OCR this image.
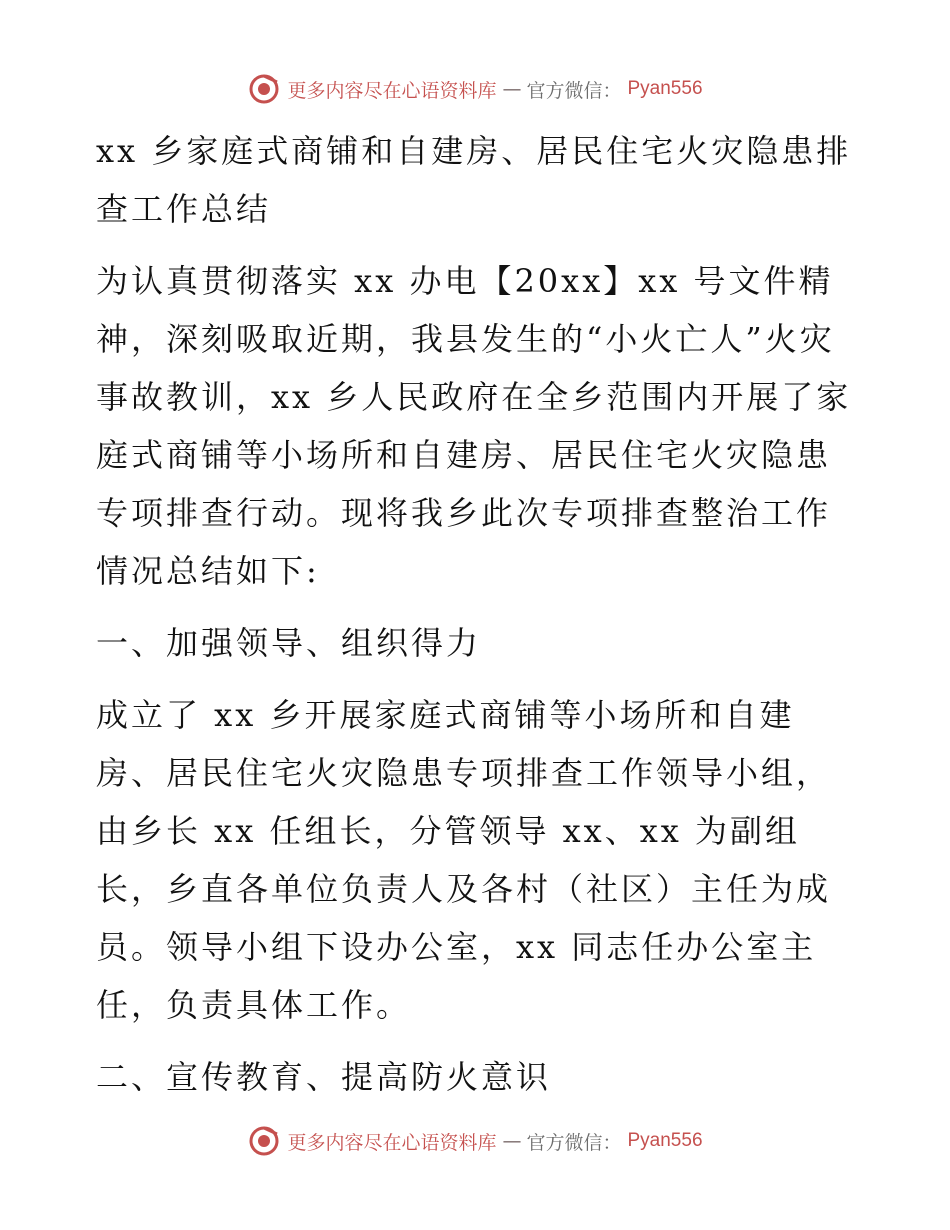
更多内容尽在心语资料库 — 官方微信： Pyan556

xx 乡家庭式商铺和自建房、居民住宅火灾隐患排查工作总结

为认真贯彻落实 xx 办电【20xx】xx 号文件精神，深刻吸取近期，我县发生的“小火亡人”火灾事故教训，xx 乡人民政府在全乡范围内开展了家庭式商铺等小场所和自建房、居民住宅火灾隐患专项排查行动。现将我乡此次专项排查整治工作情况总结如下:

一、加强领导、组织得力

成立了 xx 乡开展家庭式商铺等小场所和自建房、居民住宅火灾隐患专项排查工作领导小组，由乡长 xx 任组长，分管领导 xx、xx 为副组长，乡直各单位负责人及各村（社区）主任为成员。领导小组下设办公室，xx 同志任办公室主任，负责具体工作。

二、宣传教育、提高防火意识

更多内容尽在心语资料库 — 官方微信： Pyan556
